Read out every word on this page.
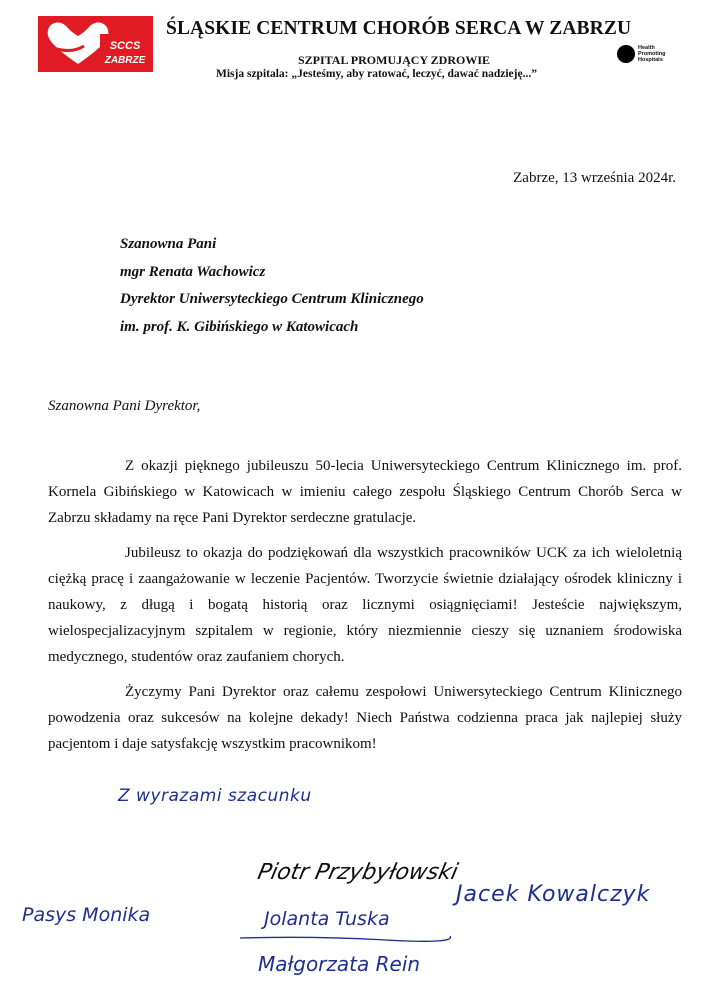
SCCS
ZABRZE
ŚLĄSKIE CENTRUM CHORÓB SERCA W ZABRZU
SZPITAL PROMUJĄCY ZDROWIE
Misja szpitala: „Jesteśmy, aby ratować, leczyć, dawać nadzieję...”
Health
Promoting
Hospitals
Zabrze, 13 września 2024r.
Szanowna Pani
mgr Renata Wachowicz
Dyrektor Uniwersyteckiego Centrum Klinicznego
im. prof. K. Gibińskiego w Katowicach
Szanowna Pani Dyrektor,

Z okazji pięknego jubileuszu 50-lecia Uniwersyteckiego Centrum Klinicznego im. prof. Kornela Gibińskiego w Katowicach w imieniu całego zespołu Śląskiego Centrum Chorób Serca w Zabrzu składamy na ręce Pani Dyrektor serdeczne gratulacje.

Jubileusz to okazja do podziękowań dla wszystkich pracowników UCK za ich wieloletnią ciężką pracę i zaangażowanie w leczenie Pacjentów. Tworzycie świetnie działający ośrodek kliniczny i naukowy, z długą i bogatą historią oraz licznymi osiągnięciami! Jesteście największym, wielospecjalizacyjnym szpitalem w regionie, który niezmiennie cieszy się uznaniem środowiska medycznego, studentów oraz zaufaniem chorych.

Życzymy Pani Dyrektor oraz całemu zespołowi Uniwersyteckiego Centrum Klinicznego powodzenia oraz sukcesów na kolejne dekady! Niech Państwa codzienna praca jak najlepiej służy pacjentom i daje satysfakcję wszystkim pracownikom!

Z wyrazami szacunku
Piotr Przybyłowski
Pasys Monika	Jolanta Tuska
Jacek Kowalczyk
Małgorzata Rein
